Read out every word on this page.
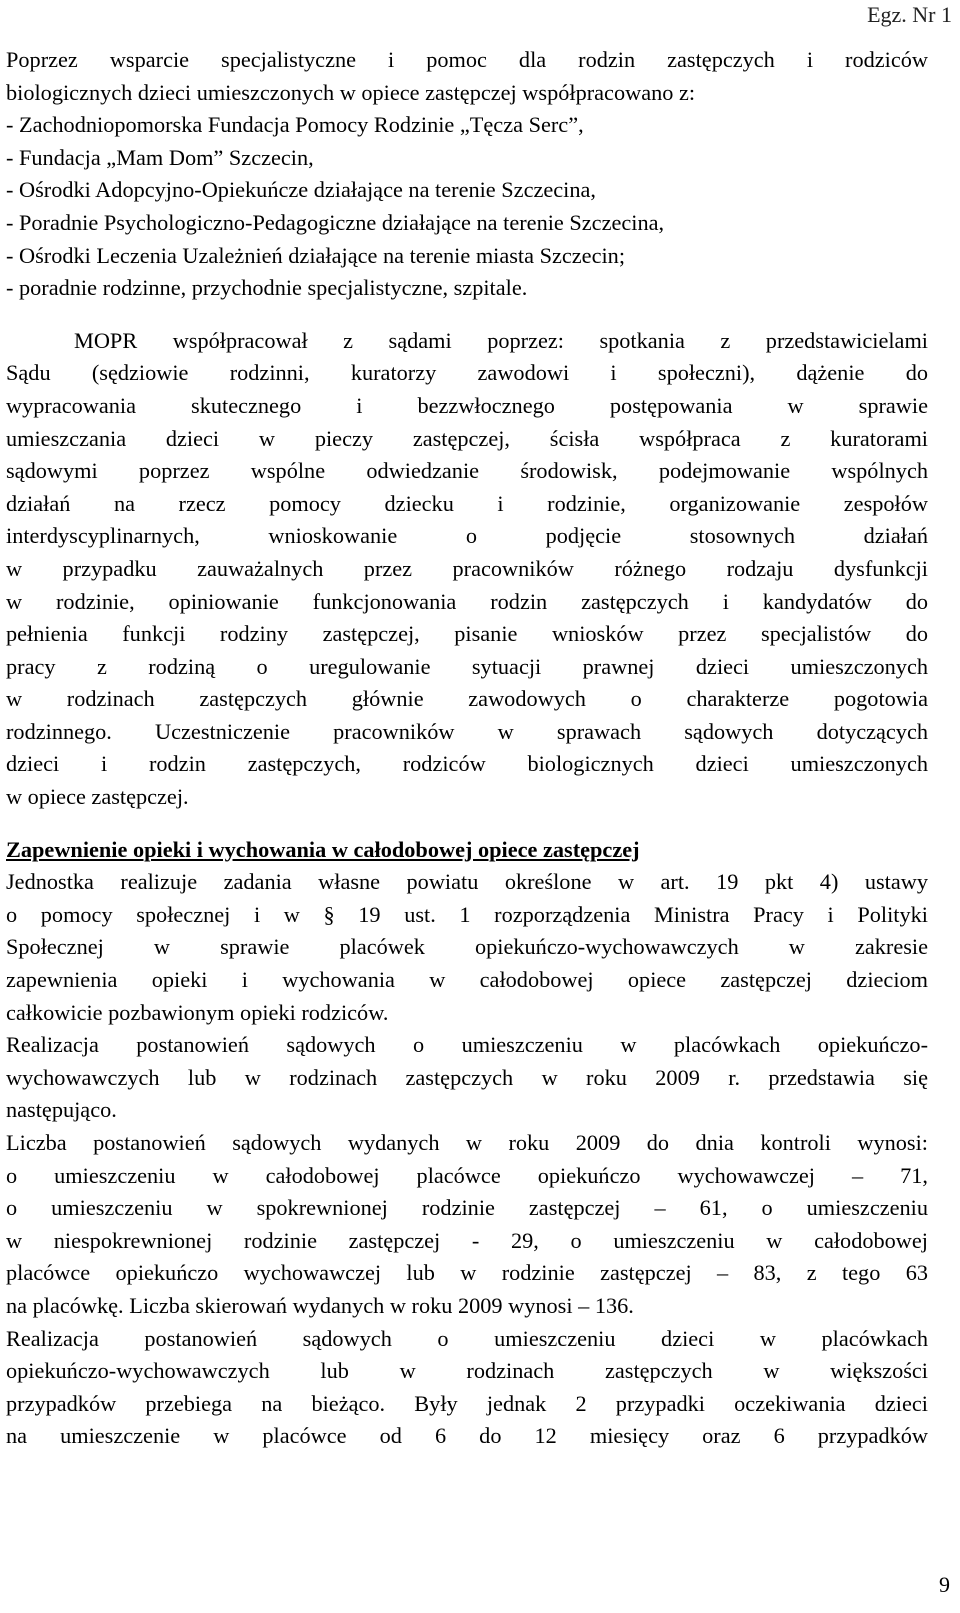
Egz. Nr 1
Poprzez wsparcie specjalistyczne i pomoc dla rodzin zastępczych i rodziców
biologicznych dzieci umieszczonych w opiece zastępczej współpracowano z:
- Zachodniopomorska Fundacja Pomocy Rodzinie „Tęcza Serc”,
- Fundacja „Mam Dom” Szczecin,
- Ośrodki Adopcyjno-Opiekuńcze działające na terenie Szczecina,
- Poradnie Psychologiczno-Pedagogiczne działające na terenie Szczecina,
- Ośrodki Leczenia Uzależnień działające na terenie miasta Szczecin;
- poradnie rodzinne, przychodnie specjalistyczne, szpitale.
MOPR współpracował z sądami poprzez: spotkania z przedstawicielami
Sądu (sędziowie rodzinni, kuratorzy zawodowi i społeczni), dążenie do
wypracowania skutecznego i bezzwłocznego postępowania w sprawie
umieszczania dzieci w pieczy zastępczej, ścisła współpraca z kuratorami
sądowymi poprzez wspólne odwiedzanie środowisk, podejmowanie wspólnych
działań na rzecz pomocy dziecku i rodzinie, organizowanie zespołów
interdyscyplinarnych, wnioskowanie o podjęcie stosownych działań
w przypadku zauważalnych przez pracowników różnego rodzaju dysfunkcji
w rodzinie, opiniowanie funkcjonowania rodzin zastępczych i kandydatów do
pełnienia funkcji rodziny zastępczej, pisanie wniosków przez specjalistów do
pracy z rodziną o uregulowanie sytuacji prawnej dzieci umieszczonych
w rodzinach zastępczych głównie zawodowych o charakterze pogotowia
rodzinnego. Uczestniczenie pracowników w sprawach sądowych dotyczących
dzieci i rodzin zastępczych, rodziców biologicznych dzieci umieszczonych
w opiece zastępczej.
Zapewnienie opieki i wychowania w całodobowej opiece zastępczej
Jednostka realizuje zadania własne powiatu określone w art. 19 pkt 4) ustawy
o pomocy społecznej i w § 19 ust. 1 rozporządzenia Ministra Pracy i Polityki
Społecznej w sprawie placówek opiekuńczo-wychowawczych w zakresie
zapewnienia opieki i wychowania w całodobowej opiece zastępczej dzieciom
całkowicie pozbawionym opieki rodziców.
Realizacja postanowień sądowych o umieszczeniu w placówkach opiekuńczo-
wychowawczych lub w rodzinach zastępczych w roku 2009 r. przedstawia się
następująco.
Liczba postanowień sądowych wydanych w roku 2009 do dnia kontroli wynosi:
o umieszczeniu w całodobowej placówce opiekuńczo wychowawczej – 71,
o umieszczeniu w spokrewnionej rodzinie zastępczej – 61, o umieszczeniu
w niespokrewnionej rodzinie zastępczej - 29, o umieszczeniu w całodobowej
placówce opiekuńczo wychowawczej lub w rodzinie zastępczej – 83, z tego 63
na placówkę. Liczba skierowań wydanych w roku 2009 wynosi – 136.
Realizacja postanowień sądowych o umieszczeniu dzieci w placówkach
opiekuńczo-wychowawczych lub w rodzinach zastępczych w większości
przypadków przebiega na bieżąco. Były jednak 2 przypadki oczekiwania dzieci
na umieszczenie w placówce od 6 do 12 miesięcy oraz 6 przypadków
9
